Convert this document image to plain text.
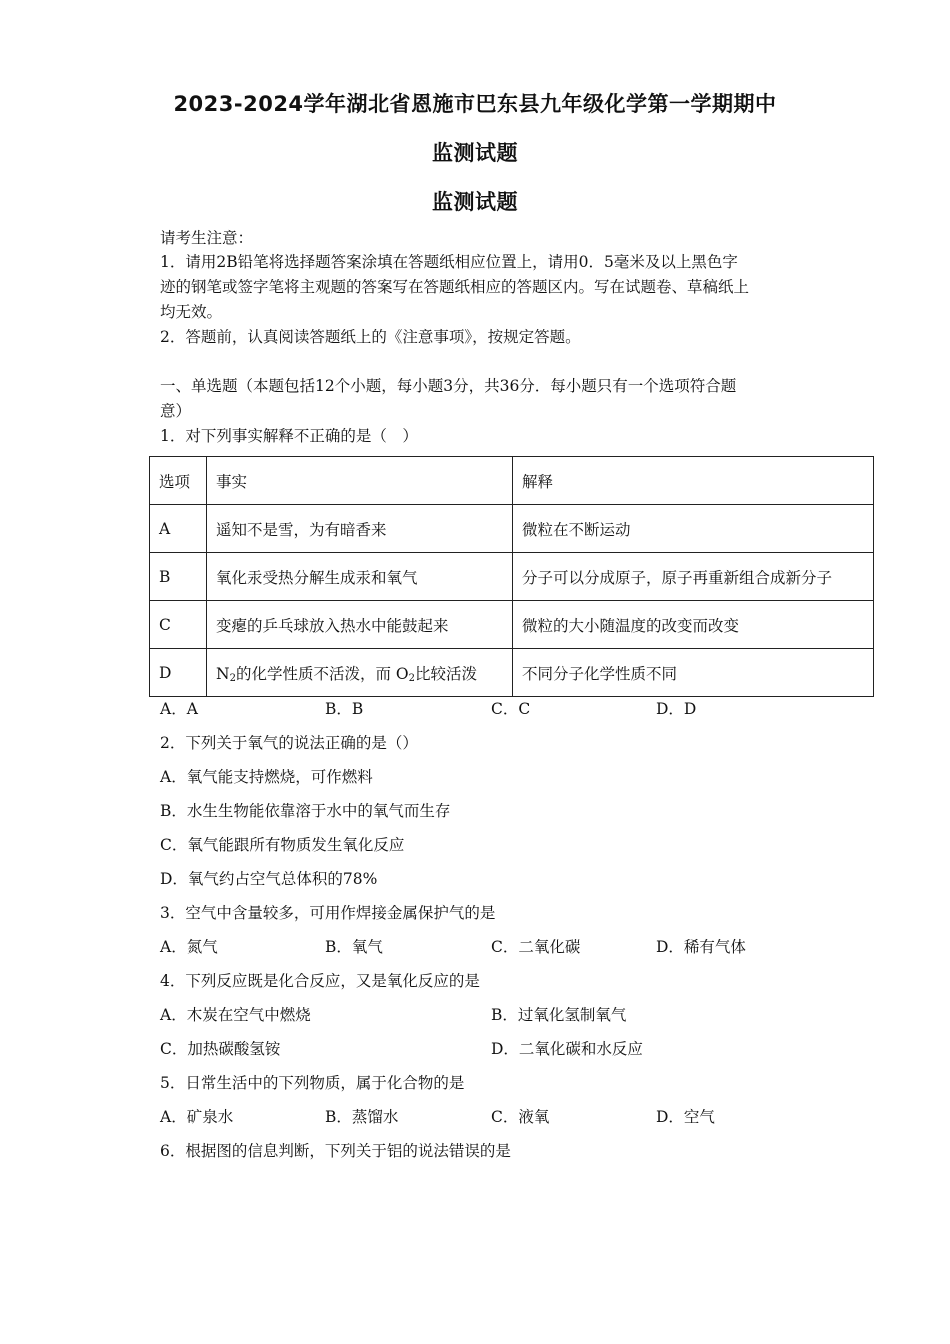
2023-2024学年湖北省恩施市巴东县九年级化学第一学期期中
监测试题
监测试题
请考生注意：
1．请用2B铅笔将选择题答案涂填在答题纸相应位置上，请用0．5毫米及以上黑色字
迹的钢笔或签字笔将主观题的答案写在答题纸相应的答题区内。写在试题卷、草稿纸上
均无效。
2．答题前，认真阅读答题纸上的《注意事项》，按规定答题。
一、单选题（本题包括12个小题，每小题3分，共36分．每小题只有一个选项符合题
意）
1．对下列事实解释不正确的是（　）
选项	事实	解释
A	遥知不是雪，为有暗香来	微粒在不断运动
B	氧化汞受热分解生成汞和氧气	分子可以分成原子，原子再重新组合成新分子
C	变瘪的乒乓球放入热水中能鼓起来	微粒的大小随温度的改变而改变
D	$N_2$的化学性质不活泼，而 $O_2$比较活泼	不同分子化学性质不同
A．A	B．B	C．C	D．D
2．下列关于氧气的说法正确的是（）
A．氧气能支持燃烧，可作燃料
B．水生生物能依靠溶于水中的氧气而生存
C．氧气能跟所有物质发生氧化反应
D．氧气约占空气总体积的78%
3．空气中含量较多，可用作焊接金属保护气的是
A．氮气	B．氧气	C．二氧化碳	D．稀有气体
4．下列反应既是化合反应，又是氧化反应的是
A．木炭在空气中燃烧	B．过氧化氢制氧气
C．加热碳酸氢铵	D．二氧化碳和水反应
5．日常生活中的下列物质，属于化合物的是
A．矿泉水	B．蒸馏水	C．液氧	D．空气
6．根据图的信息判断，下列关于铝的说法错误的是
